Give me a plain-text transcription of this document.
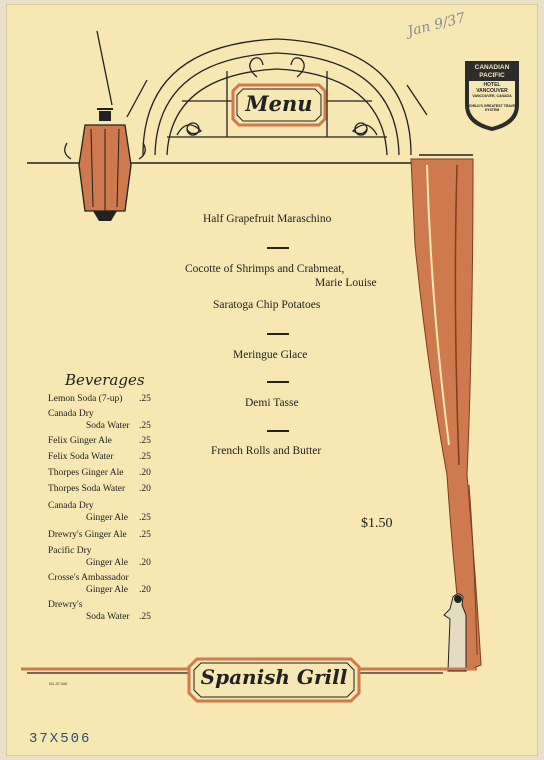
Jan 9/37
CANADIAN
PACIFIC
HOTEL
VANCOUVER
VANCOUVER, CANADA
WORLD'S GREATEST TRAVEL SYSTEM
Menu
Half Grapefruit Maraschino
Cocotte of Shrimps and Crabmeat,
Marie Louise
Saratoga Chip Potatoes
Meringue Glace
Demi Tasse
French Rolls and Butter
$1.50
Beverages
Lemon Soda (7-up) .25
Canada Dry
Soda Water .25
Felix Ginger Ale	.25
Felix Soda Water	.25
Thorpes Ginger Ale .20
Thorpes Soda Water .20
Canada Dry
Ginger Ale .25
Drewry's Ginger Ale .25
Pacific Dry
Ginger Ale .20
Crosse's Ambassador
Ginger Ale .20
Drewry's
Soda Water .25
N1-37-5M	Spanish Grill
37X506
